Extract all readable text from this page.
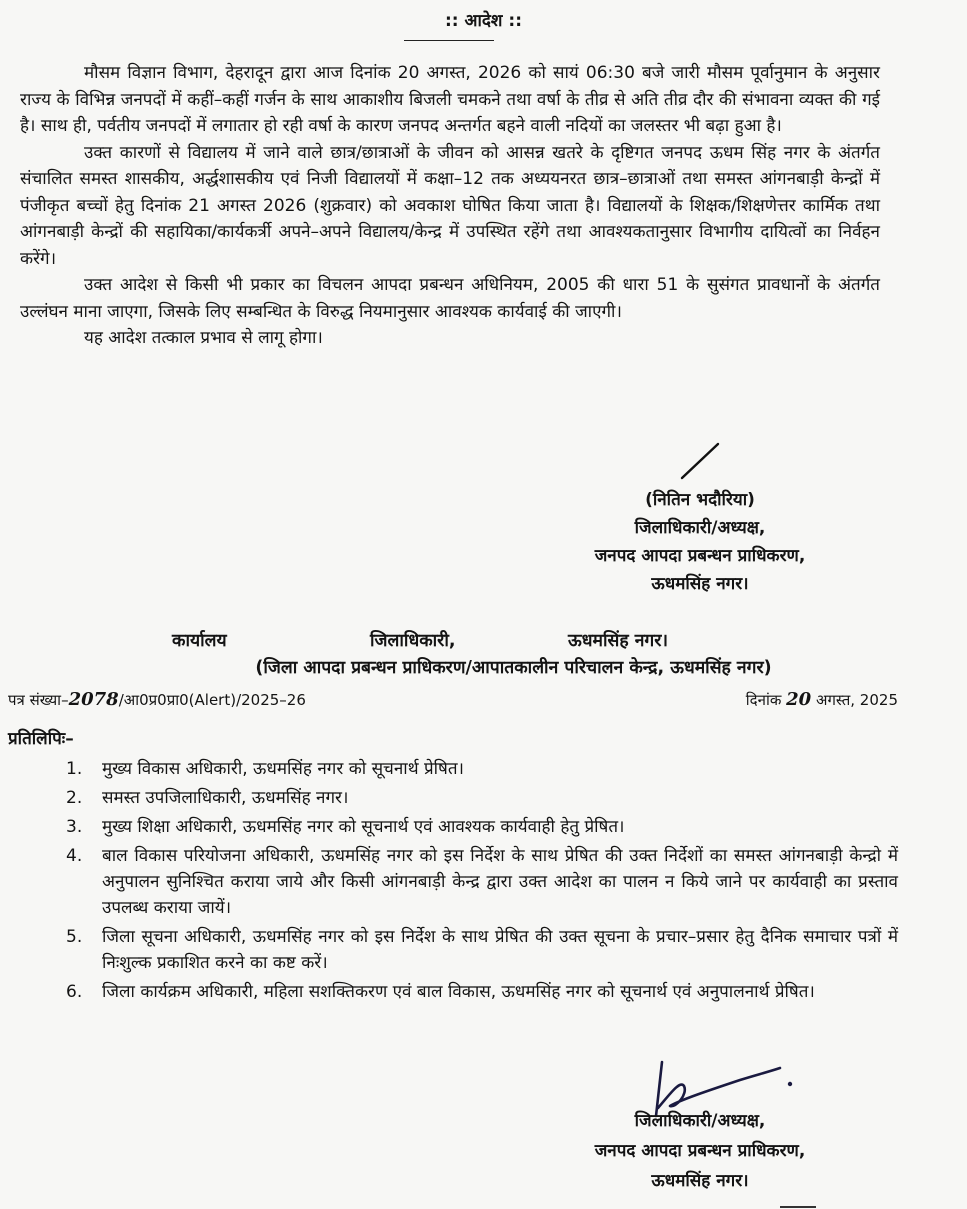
:: आदेश ::

मौसम विज्ञान विभाग, देहरादून द्वारा आज दिनांक 20 अगस्त, 2026 को सायं 06:30 बजे जारी मौसम पूर्वानुमान के अनुसार राज्य के विभिन्न जनपदों में कहीं–कहीं गर्जन के साथ आकाशीय बिजली चमकने तथा वर्षा के तीव्र से अति तीव्र दौर की संभावना व्यक्त की गई है। साथ ही, पर्वतीय जनपदों में लगातार हो रही वर्षा के कारण जनपद अन्तर्गत बहने वाली नदियों का जलस्तर भी बढ़ा हुआ है।

उक्त कारणों से विद्यालय में जाने वाले छात्र/छात्राओं के जीवन को आसन्न खतरे के दृष्टिगत जनपद ऊधम सिंह नगर के अंतर्गत संचालित समस्त शासकीय, अर्द्धशासकीय एवं निजी विद्यालयों में कक्षा–12 तक अध्ययनरत छात्र–छात्राओं तथा समस्त आंगनबाड़ी केन्द्रों में पंजीकृत बच्चों हेतु दिनांक 21 अगस्त 2026 (शुक्रवार) को अवकाश घोषित किया जाता है। विद्यालयों के शिक्षक/शिक्षणेत्तर कार्मिक तथा आंगनबाड़ी केन्द्रों की सहायिका/कार्यकर्त्री अपने–अपने विद्यालय/केन्द्र में उपस्थित रहेंगे तथा आवश्यकतानुसार विभागीय दायित्वों का निर्वहन करेंगे।

उक्त आदेश से किसी भी प्रकार का विचलन आपदा प्रबन्धन अधिनियम, 2005 की धारा 51 के सुसंगत प्रावधानों के अंतर्गत उल्लंघन माना जाएगा, जिसके लिए सम्बन्धित के विरुद्ध नियमानुसार आवश्यक कार्यवाई की जाएगी।

यह आदेश तत्काल प्रभाव से लागू होगा।

(नितिन भदौरिया)
जिलाधिकारी/अध्यक्ष,
जनपद आपदा प्रबन्धन प्राधिकरण,
ऊधमसिंह नगर।
कार्यालय	जिलाधिकारी,	ऊधमसिंह नगर।
(जिला आपदा प्रबन्धन प्राधिकरण/आपातकालीन परिचालन केन्द्र, ऊधमसिंह नगर)
पत्र संख्या–2078/आ0प्र0प्रा0(Alert)/2025–26	दिनांक 20 अगस्त, 2025
प्रतिलिपिः–
1. मुख्य विकास अधिकारी, ऊधमसिंह नगर को सूचनार्थ प्रेषित।
2. समस्त उपजिलाधिकारी, ऊधमसिंह नगर।
3. मुख्य शिक्षा अधिकारी, ऊधमसिंह नगर को सूचनार्थ एवं आवश्यक कार्यवाही हेतु प्रेषित।
4. बाल विकास परियोजना अधिकारी, ऊधमसिंह नगर को इस निर्देश के साथ प्रेषित की उक्त निर्देशों का समस्त आंगनबाड़ी केन्द्रो में अनुपालन सुनिश्चित कराया जाये और किसी आंगनबाड़ी केन्द्र द्वारा उक्त आदेश का पालन न किये जाने पर कार्यवाही का प्रस्ताव उपलब्ध कराया जायें।
5. जिला सूचना अधिकारी, ऊधमसिंह नगर को इस निर्देश के साथ प्रेषित की उक्त सूचना के प्रचार–प्रसार हेतु दैनिक समाचार पत्रों में निःशुल्क प्रकाशित करने का कष्ट करें।
6. जिला कार्यक्रम अधिकारी, महिला सशक्तिकरण एवं बाल विकास, ऊधमसिंह नगर को सूचनार्थ एवं अनुपालनार्थ प्रेषित।
जिलाधिकारी/अध्यक्ष,
जनपद आपदा प्रबन्धन प्राधिकरण,
ऊधमसिंह नगर।
